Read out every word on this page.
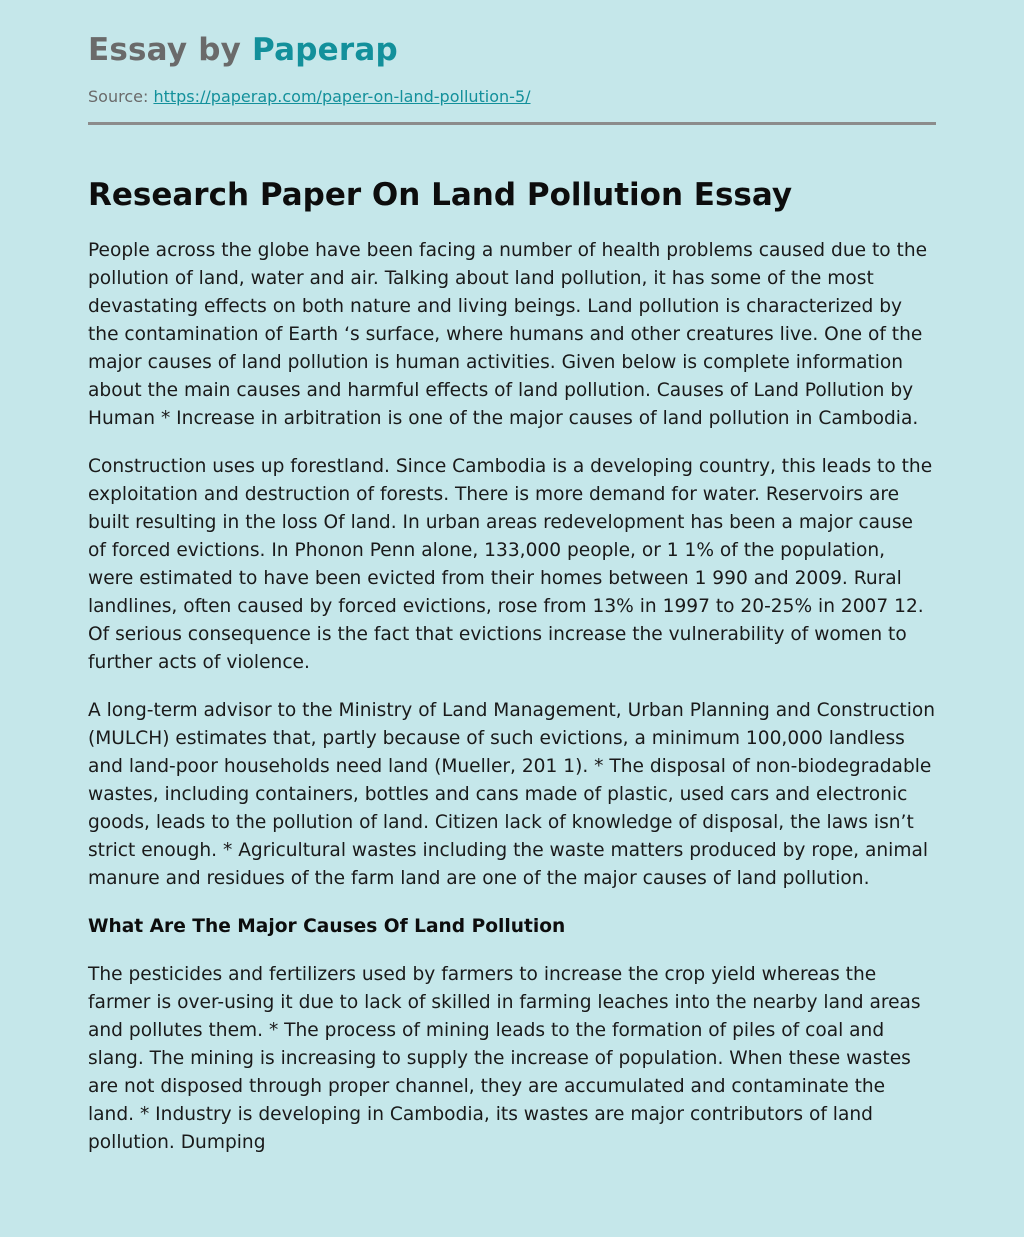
Essay by Paperap
Source: https://paperap.com/paper-on-land-pollution-5/
Research Paper On Land Pollution Essay

People across the globe have been facing a number of health problems caused due to the pollution of land, water and air. Talking about land pollution, it has some of the most devastating effects on both nature and living beings. Land pollution is characterized by the contamination of Earth ‘s surface, where humans and other creatures live. One of the major causes of land pollution is human activities. Given below is complete information about the main causes and harmful effects of land pollution. Causes of Land Pollution by Human * Increase in arbitration is one of the major causes of land pollution in Cambodia.

Construction uses up forestland. Since Cambodia is a developing country, this leads to the exploitation and destruction of forests. There is more demand for water. Reservoirs are built resulting in the loss Of land. In urban areas redevelopment has been a major cause of forced evictions. In Phonon Penn alone, 133,000 people, or 1 1% of the population, were estimated to have been evicted from their homes between 1 990 and 2009. Rural landlines, often caused by forced evictions, rose from 13% in 1997 to 20-25% in 2007 12. Of serious consequence is the fact that evictions increase the vulnerability of women to further acts of violence.

A long-term advisor to the Ministry of Land Management, Urban Planning and Construction (MULCH) estimates that, partly because of such evictions, a minimum 100,000 landless and land-poor households need land (Mueller, 201 1). * The disposal of non-biodegradable wastes, including containers, bottles and cans made of plastic, used cars and electronic goods, leads to the pollution of land. Citizen lack of knowledge of disposal, the laws isn’t strict enough. * Agricultural wastes including the waste matters produced by rope, animal manure and residues of the farm land are one of the major causes of land pollution.

What Are The Major Causes Of Land Pollution

The pesticides and fertilizers used by farmers to increase the crop yield whereas the farmer is over-using it due to lack of skilled in farming leaches into the nearby land areas and pollutes them. * The process of mining leads to the formation of piles of coal and slang. The mining is increasing to supply the increase of population. When these wastes are not disposed through proper channel, they are accumulated and contaminate the land. * Industry is developing in Cambodia, its wastes are major contributors of land pollution. Dumping
